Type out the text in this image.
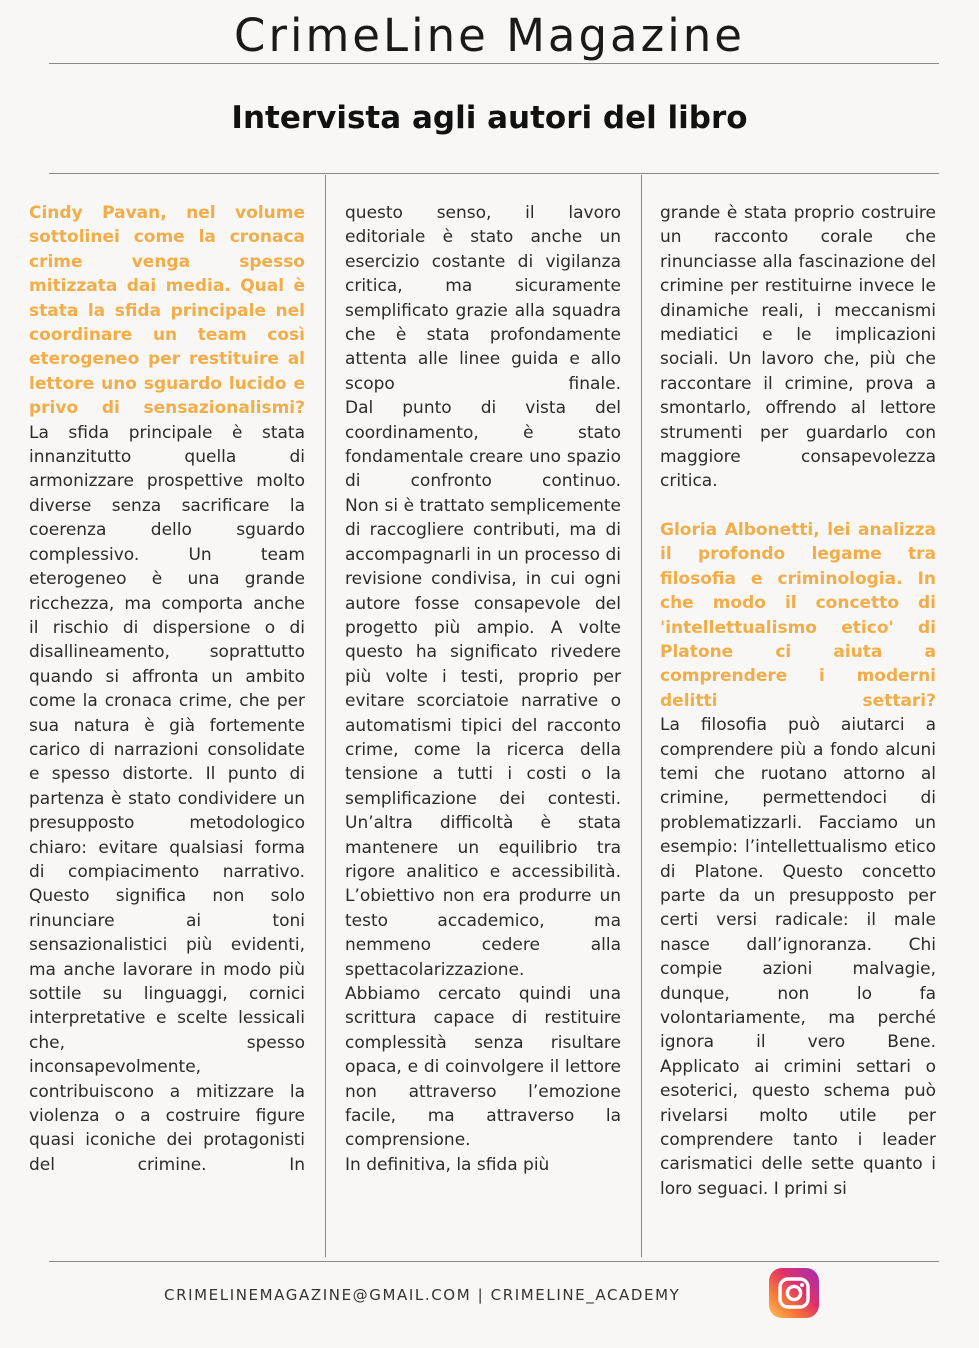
CrimeLine Magazine
Intervista agli autori del libro

Cindy Pavan, nel volume sottolinei come la cronaca crime venga spesso mitizzata dai media. Qual è stata la sfida principale nel coordinare un team così eterogeneo per restituire al lettore uno sguardo lucido e privo di sensazionalismi?

La sfida principale è stata innanzitutto quella di armonizzare prospettive molto diverse senza sacrificare la coerenza dello sguardo complessivo. Un team eterogeneo è una grande ricchezza, ma comporta anche il rischio di dispersione o di disallineamento, soprattutto quando si affronta un ambito come la cronaca crime, che per sua natura è già fortemente carico di narrazioni consolidate e spesso distorte. Il punto di partenza è stato condividere un presupposto metodologico chiaro: evitare qualsiasi forma di compiacimento narrativo. Questo significa non solo rinunciare ai toni sensazionalistici più evidenti, ma anche lavorare in modo più sottile su linguaggi, cornici interpretative e scelte lessicali che, spesso inconsapevolmente, contribuiscono a mitizzare la violenza o a costruire figure quasi iconiche dei protagonisti del crimine. In

questo senso, il lavoro editoriale è stato anche un esercizio costante di vigilanza critica, ma sicuramente semplificato grazie alla squadra che è stata profondamente attenta alle linee guida e allo scopo finale.

Dal punto di vista del coordinamento, è stato fondamentale creare uno spazio di confronto continuo.

Non si è trattato semplicemente di raccogliere contributi, ma di accompagnarli in un processo di revisione condivisa, in cui ogni autore fosse consapevole del progetto più ampio. A volte questo ha significato rivedere più volte i testi, proprio per evitare scorciatoie narrative o automatismi tipici del racconto crime, come la ricerca della tensione a tutti i costi o la semplificazione dei contesti.

Un’altra difficoltà è stata mantenere un equilibrio tra rigore analitico e accessibilità.

L’obiettivo non era produrre un testo accademico, ma nemmeno cedere alla spettacolarizzazione.

Abbiamo cercato quindi una scrittura capace di restituire complessità senza risultare opaca, e di coinvolgere il lettore non attraverso l’emozione facile, ma attraverso la comprensione.

In definitiva, la sfida più

grande è stata proprio costruire un racconto corale che rinunciasse alla fascinazione del crimine per restituirne invece le dinamiche reali, i meccanismi mediatici e le implicazioni sociali. Un lavoro che, più che raccontare il crimine, prova a smontarlo, offrendo al lettore strumenti per guardarlo con maggiore consapevolezza critica.

Gloria Albonetti, lei analizza il profondo legame tra filosofia e criminologia. In che modo il concetto di 'intellettualismo etico' di Platone ci aiuta a comprendere i moderni delitti settari?

La filosofia può aiutarci a comprendere più a fondo alcuni temi che ruotano attorno al crimine, permettendoci di problematizzarli. Facciamo un esempio: l’intellettualismo etico di Platone. Questo concetto parte da un presupposto per certi versi radicale: il male nasce dall’ignoranza. Chi compie azioni malvagie, dunque, non lo fa volontariamente, ma perché ignora il vero Bene.

Applicato ai crimini settari o esoterici, questo schema può rivelarsi molto utile per comprendere tanto i leader carismatici delle sette quanto i loro seguaci. I primi si

CRIMELINEMAGAZINE@GMAIL.COM | CRIMELINE_ACADEMY
